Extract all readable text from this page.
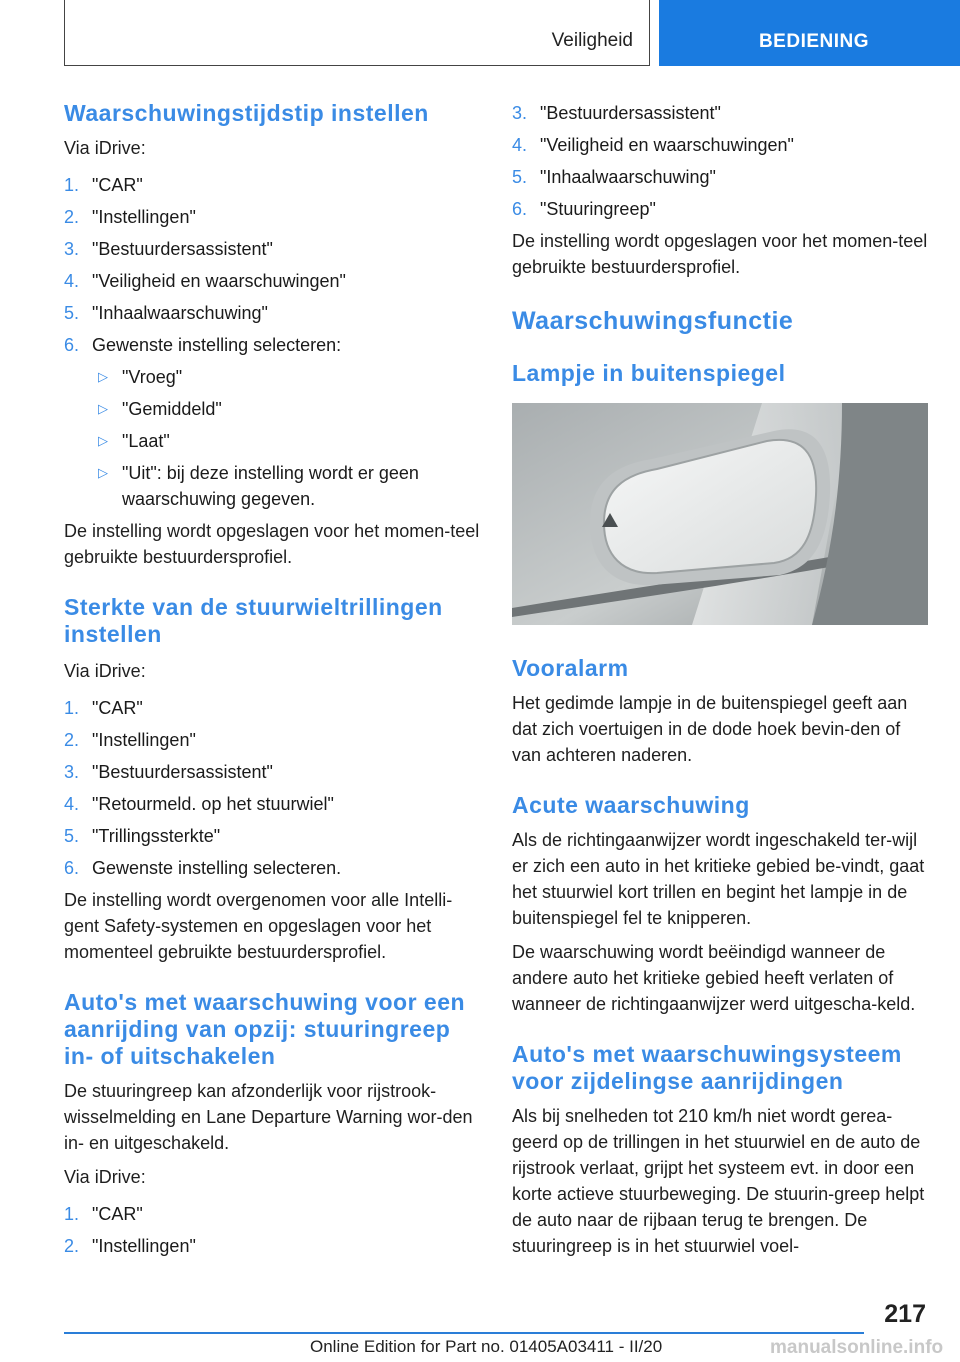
Veiligheid	BEDIENING
Waarschuwingstijdstip instellen

Via iDrive:

1. "CAR"
2. "Instellingen"
3. "Bestuurdersassistent"
4. "Veiligheid en waarschuwingen"
5. "Inhaalwaarschuwing"
6. Gewenste instelling selecteren:
▷ "Vroeg"
▷ "Gemiddeld"
▷ "Laat"
▷ "Uit": bij deze instelling wordt er geen waarschuwing gegeven.

De instelling wordt opgeslagen voor het momen-teel gebruikte bestuurdersprofiel.

Sterkte van de stuurwieltrillingen instellen

Via iDrive:

1. "CAR"
2. "Instellingen"
3. "Bestuurdersassistent"
4. "Retourmeld. op het stuurwiel"
5. "Trillingssterkte"
6. Gewenste instelling selecteren.

De instelling wordt overgenomen voor alle Intelli-gent Safety-systemen en opgeslagen voor het momenteel gebruikte bestuurdersprofiel.

Auto's met waarschuwing voor een aanrijding van opzij: stuuringreep in- of uitschakelen

De stuuringreep kan afzonderlijk voor rijstrook-wisselmelding en Lane Departure Warning wor-den in- en uitgeschakeld.

Via iDrive:

1. "CAR"
2. "Instellingen"
3. "Bestuurdersassistent"
4. "Veiligheid en waarschuwingen"
5. "Inhaalwaarschuwing"
6. "Stuuringreep"

De instelling wordt opgeslagen voor het momen-teel gebruikte bestuurdersprofiel.

Waarschuwingsfunctie
Lampje in buitenspiegel
Vooralarm

Het gedimde lampje in de buitenspiegel geeft aan dat zich voertuigen in de dode hoek bevin-den of van achteren naderen.

Acute waarschuwing

Als de richtingaanwijzer wordt ingeschakeld ter-wijl er zich een auto in het kritieke gebied be-vindt, gaat het stuurwiel kort trillen en begint het lampje in de buitenspiegel fel te knipperen.

De waarschuwing wordt beëindigd wanneer de andere auto het kritieke gebied heeft verlaten of wanneer de richtingaanwijzer werd uitgescha-keld.

Auto's met waarschuwingsysteem voor zijdelingse aanrijdingen

Als bij snelheden tot 210 km/h niet wordt gerea-geerd op de trillingen in het stuurwiel en de auto de rijstrook verlaat, grijpt het systeem evt. in door een korte actieve stuurbeweging. De stuurin-greep helpt de auto naar de rijbaan terug te brengen. De stuuringreep is in het stuurwiel voel-

217
Online Edition for Part no. 01405A03411 - II/20	manualsonline.info
